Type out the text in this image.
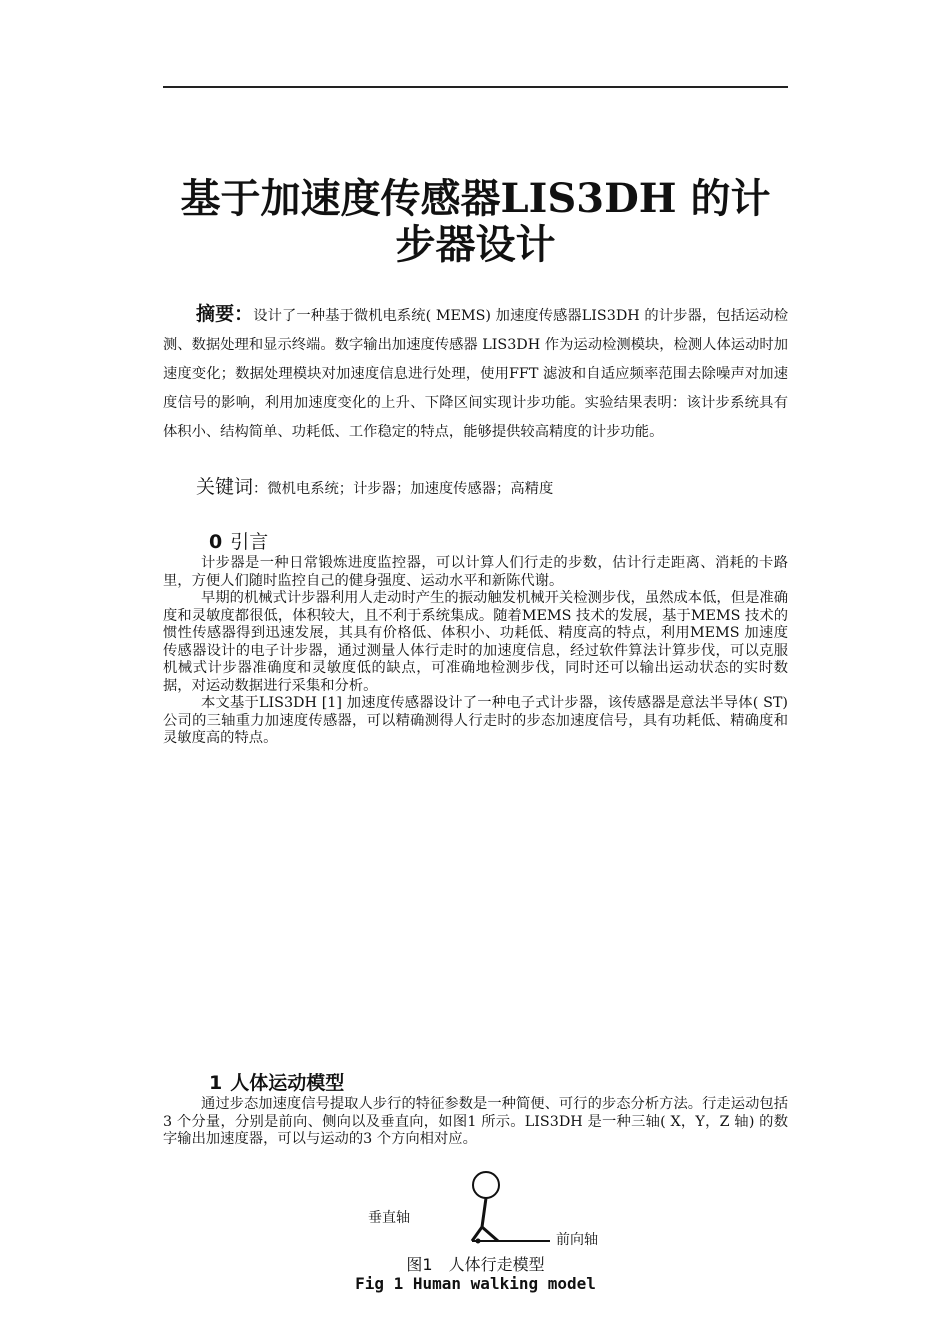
基于加速度传感器LIS3DH 的计步器设计

摘要：设计了一种基于微机电系统( MEMS) 加速度传感器LIS3DH 的计步器，包括运动检测、数据处理和显示终端。数字输出加速度传感器 LIS3DH 作为运动检测模块，检测人体运动时加速度变化；数据处理模块对加速度信息进行处理，使用FFT 滤波和自适应频率范围去除噪声对加速度信号的影响，利用加速度变化的上升、下降区间实现计步功能。实验结果表明：该计步系统具有体积小、结构简单、功耗低、工作稳定的特点，能够提供较高精度的计步功能。

关键词：微机电系统；计步器；加速度传感器；高精度
0 引言

计步器是一种日常锻炼进度监控器，可以计算人们行走的步数，估计行走距离、消耗的卡路里，方便人们随时监控自己的健身强度、运动水平和新陈代谢。

早期的机械式计步器利用人走动时产生的振动触发机械开关检测步伐，虽然成本低，但是准确度和灵敏度都很低，体积较大，且不利于系统集成。随着MEMS 技术的发展，基于MEMS 技术的惯性传感器得到迅速发展，其具有价格低、体积小、功耗低、精度高的特点，利用MEMS 加速度传感器设计的电子计步器，通过测量人体行走时的加速度信息，经过软件算法计算步伐，可以克服机械式计步器准确度和灵敏度低的缺点，可准确地检测步伐，同时还可以输出运动状态的实时数据，对运动数据进行采集和分析。

本文基于LIS3DH [1] 加速度传感器设计了一种电子式计步器，该传感器是意法半导体( ST) 公司的三轴重力加速度传感器，可以精确测得人行走时的步态加速度信号，具有功耗低、精确度和灵敏度高的特点。

1 人体运动模型

通过步态加速度信号提取人步行的特征参数是一种简便、可行的步态分析方法。行走运动包括3 个分量，分别是前向、侧向以及垂直向，如图1 所示。LIS3DH 是一种三轴( X，Y，Z 轴) 的数字输出加速度器，可以与运动的3 个方向相对应。

垂直轴
前向轴
图1　人体行走模型
Fig 1 Human walking model
